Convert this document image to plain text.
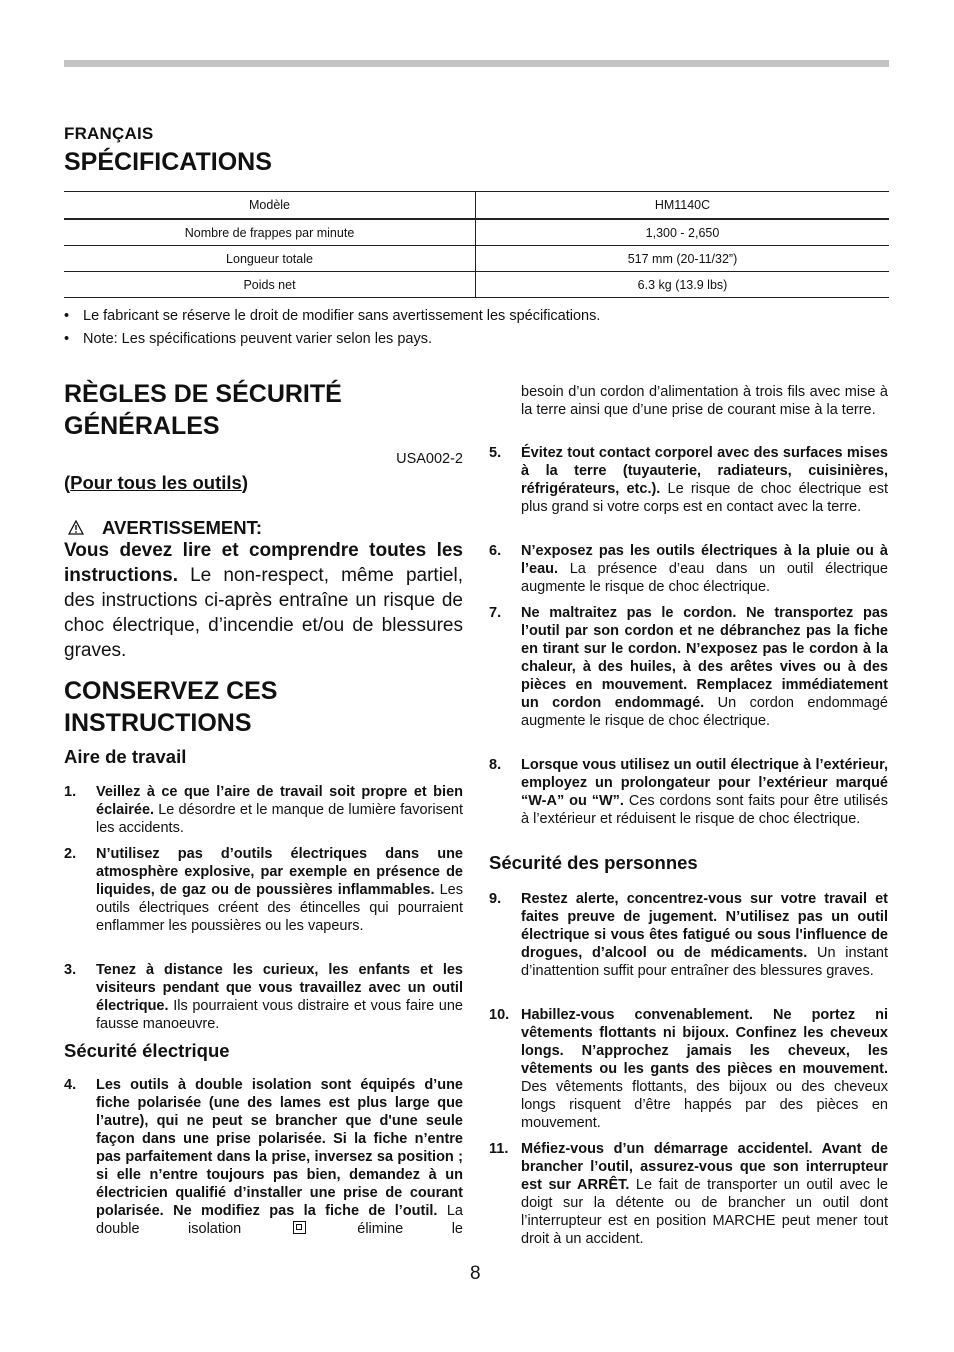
FRANÇAIS
SPÉCIFICATIONS
Modèle	HM1140C
Nombre de frappes par minute	1,300 - 2,650
Longueur totale	517 mm (20-11/32”)
Poids net	6.3 kg (13.9 lbs)
• Le fabricant se réserve le droit de modifier sans avertissement les spécifications.
• Note: Les spécifications peuvent varier selon les pays.
RÈGLES DE SÉCURITÉ
GÉNÉRALES
USA002-2
(Pour tous les outils)
AVERTISSEMENT:

Vous devez lire et comprendre toutes les instructions. Le non-respect, même partiel, des instructions ci-après entraîne un risque de choc électrique, d’incendie et/ou de blessures graves.

CONSERVEZ CES
INSTRUCTIONS
Aire de travail
1.	Veillez à ce que l’aire de travail soit propre et bien éclairée. Le désordre et le manque de lumière favorisent les accidents.
2.	N’utilisez pas d’outils électriques dans une atmosphère explosive, par exemple en présence de liquides, de gaz ou de poussières inflammables. Les outils électriques créent des étincelles qui pourraient enflammer les poussières ou les vapeurs.
3.	Tenez à distance les curieux, les enfants et les visiteurs pendant que vous travaillez avec un outil électrique. Ils pourraient vous distraire et vous faire une fausse manoeuvre.
Sécurité électrique
4.	Les outils à double isolation sont équipés d’une fiche polarisée (une des lames est plus large que l’autre), qui ne peut se brancher que d'une seule façon dans une prise polarisée. Si la fiche n’entre pas parfaitement dans la prise, inversez sa position ; si elle n’entre toujours pas bien, demandez à un électricien qualifié d’installer une prise de courant polarisée. Ne modifiez pas la fiche de l’outil. La double isolation  élimine le
besoin d’un cordon d’alimentation à trois fils avec mise à la terre ainsi que d’une prise de courant mise à la terre.
5.	Évitez tout contact corporel avec des surfaces mises à la terre (tuyauterie, radiateurs, cuisinières, réfrigérateurs, etc.). Le risque de choc électrique est plus grand si votre corps est en contact avec la terre.
6.	N’exposez pas les outils électriques à la pluie ou à l’eau. La présence d’eau dans un outil électrique augmente le risque de choc électrique.
7.	Ne maltraitez pas le cordon. Ne transportez pas l’outil par son cordon et ne débranchez pas la fiche en tirant sur le cordon. N’exposez pas le cordon à la chaleur, à des huiles, à des arêtes vives ou à des pièces en mouvement. Remplacez immédiatement un cordon endommagé. Un cordon endommagé augmente le risque de choc électrique.
8.	Lorsque vous utilisez un outil électrique à l’extérieur, employez un prolongateur pour l’extérieur marqué “W-A” ou “W”. Ces cordons sont faits pour être utilisés à l’extérieur et réduisent le risque de choc électrique.
Sécurité des personnes
9.	Restez alerte, concentrez-vous sur votre travail et faites preuve de jugement. N’utilisez pas un outil électrique si vous êtes fatigué ou sous l'influence de drogues, d’alcool ou de médicaments. Un instant d’inattention suffit pour entraîner des blessures graves.
10. Habillez-vous convenablement. Ne portez ni vêtements flottants ni bijoux. Confinez les cheveux longs. N’approchez jamais les cheveux, les vêtements ou les gants des pièces en mouvement. Des vêtements flottants, des bijoux ou des cheveux longs risquent d’être happés par des pièces en mouvement.
11. Méfiez-vous d’un démarrage accidentel. Avant de brancher l’outil, assurez-vous que son interrupteur est sur ARRÊT. Le fait de transporter un outil avec le doigt sur la détente ou de brancher un outil dont l’interrupteur est en position MARCHE peut mener tout droit à un accident.
8
